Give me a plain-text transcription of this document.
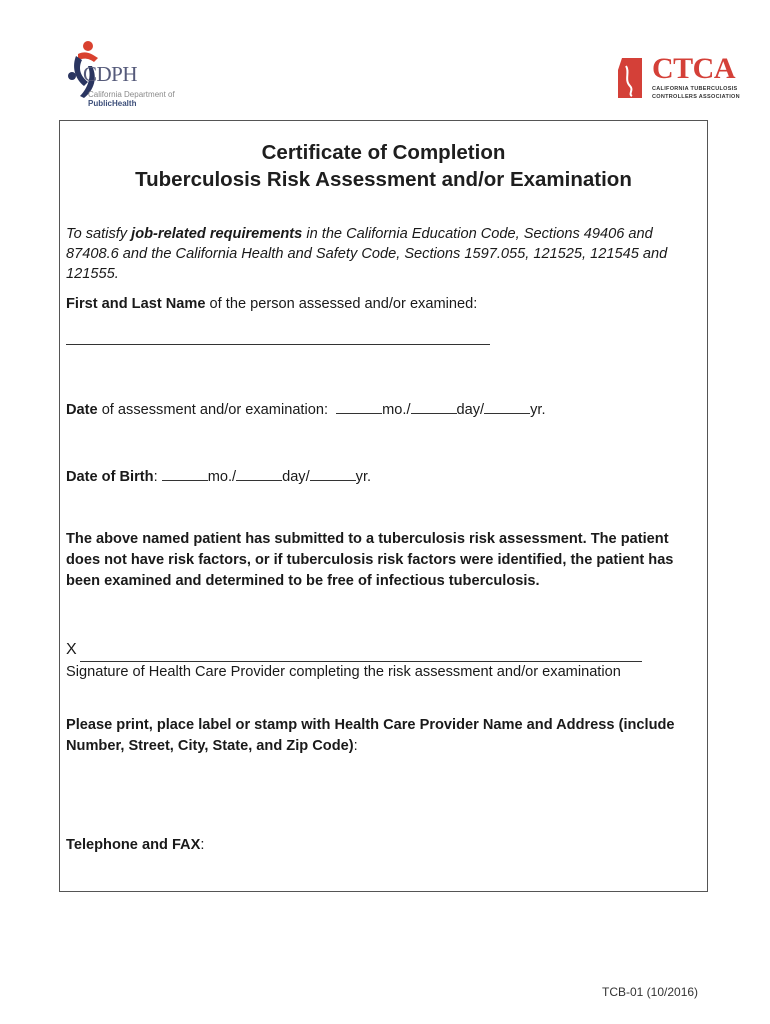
CDPH
California Department of
PublicHealth
CTCA
CALIFORNIA TUBERCULOSIS
CONTROLLERS ASSOCIATION
Certificate of Completion
Tuberculosis Risk Assessment and/or Examination
To satisfy job-related requirements in the California Education Code, Sections 49406 and 87408.6 and the California Health and Safety Code, Sections 1597.055, 121525, 121545 and 121555.
First and Last Name of the person assessed and/or examined:
Date of assessment and/or examination:	mo./	day/	yr.
Date of Birth:	mo./	day/	yr.
The above named patient has submitted to a tuberculosis risk assessment. The patient does not have risk factors, or if tuberculosis risk factors were identified, the patient has been examined and determined to be free of infectious tuberculosis.
X
Signature of Health Care Provider completing the risk assessment and/or examination
Please print, place label or stamp with Health Care Provider Name and Address (include Number, Street, City, State, and Zip Code):
Telephone and FAX:
TCB-01 (10/2016)
